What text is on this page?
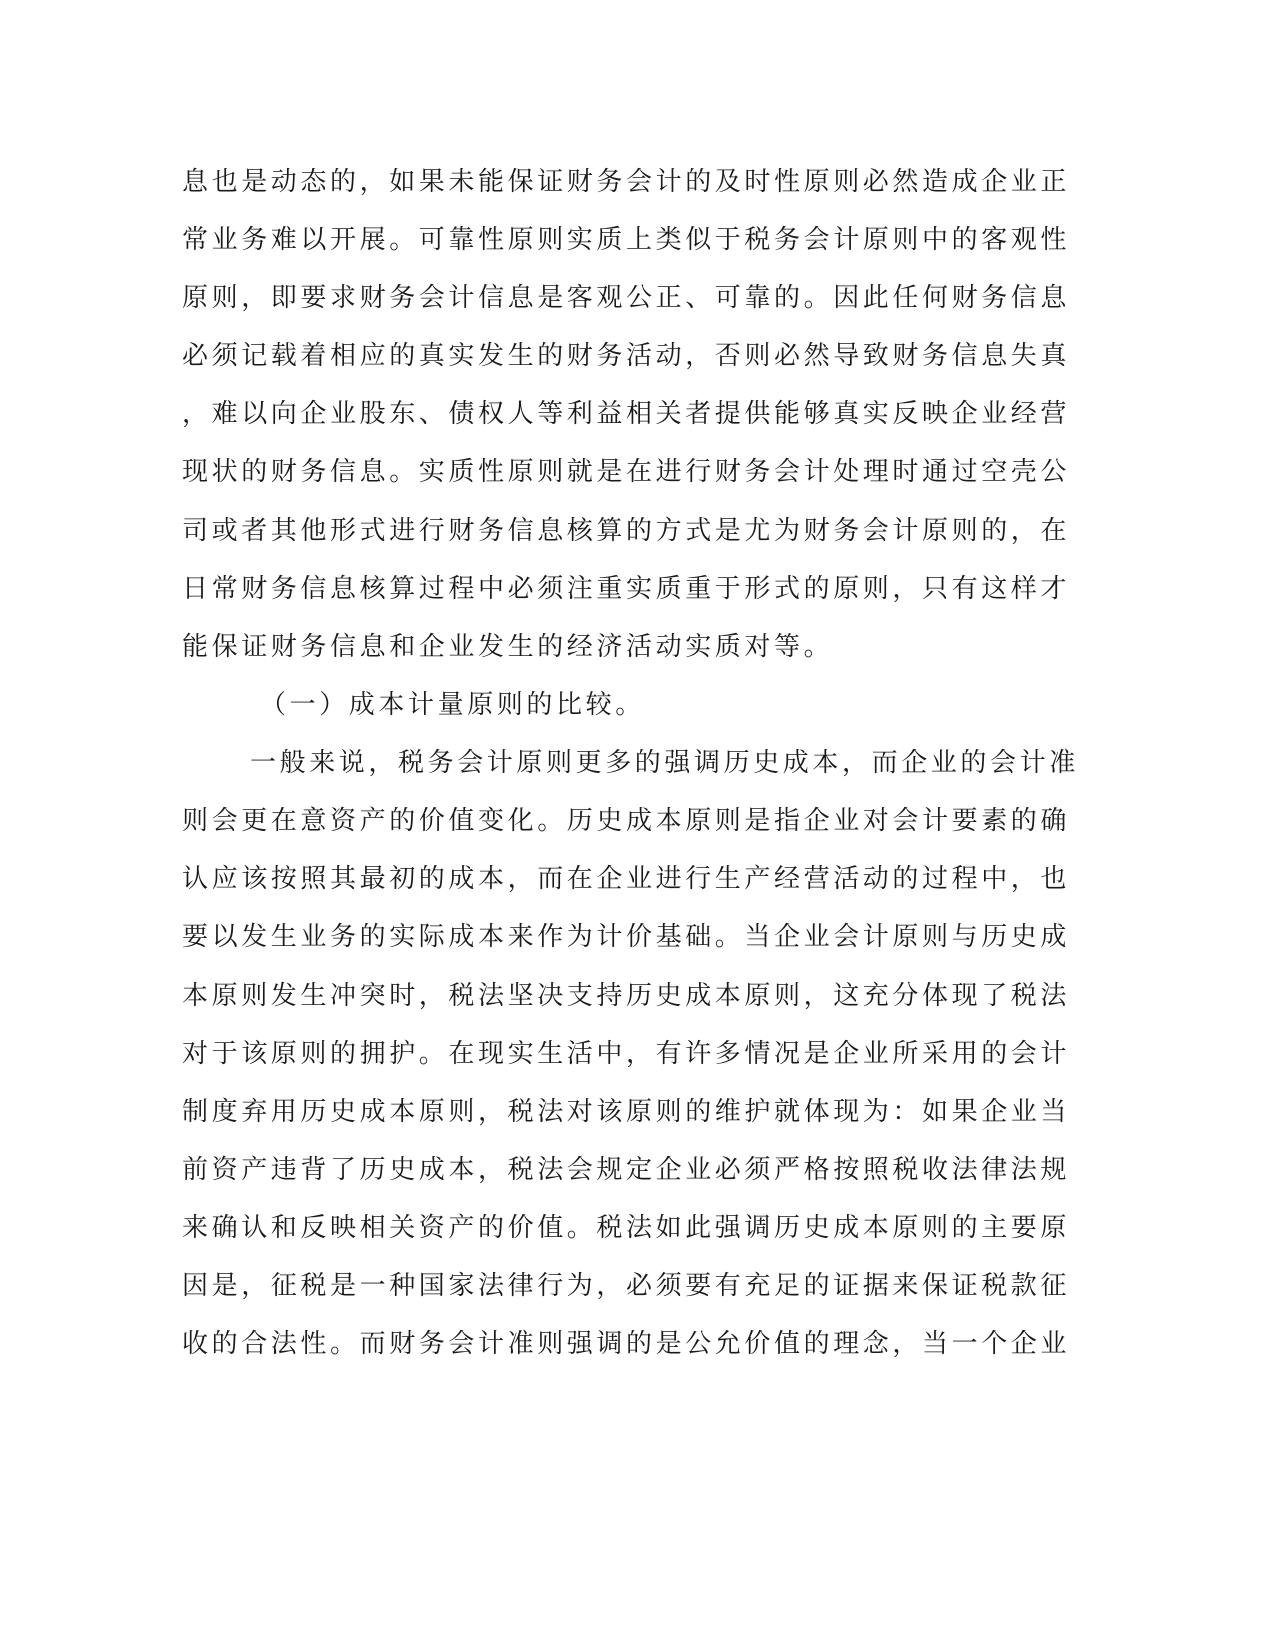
息也是动态的，如果未能保证财务会计的及时性原则必然造成企业正
常业务难以开展。可靠性原则实质上类似于税务会计原则中的客观性
原则，即要求财务会计信息是客观公正、可靠的。因此任何财务信息
必须记载着相应的真实发生的财务活动，否则必然导致财务信息失真
，难以向企业股东、债权人等利益相关者提供能够真实反映企业经营
现状的财务信息。实质性原则就是在进行财务会计处理时通过空壳公
司或者其他形式进行财务信息核算的方式是尤为财务会计原则的，在
日常财务信息核算过程中必须注重实质重于形式的原则，只有这样才
能保证财务信息和企业发生的经济活动实质对等。
（一）成本计量原则的比较。
一般来说，税务会计原则更多的强调历史成本，而企业的会计准
则会更在意资产的价值变化。历史成本原则是指企业对会计要素的确
认应该按照其最初的成本，而在企业进行生产经营活动的过程中，也
要以发生业务的实际成本来作为计价基础。当企业会计原则与历史成
本原则发生冲突时，税法坚决支持历史成本原则，这充分体现了税法
对于该原则的拥护。在现实生活中，有许多情况是企业所采用的会计
制度弃用历史成本原则，税法对该原则的维护就体现为：如果企业当
前资产违背了历史成本，税法会规定企业必须严格按照税收法律法规
来确认和反映相关资产的价值。税法如此强调历史成本原则的主要原
因是，征税是一种国家法律行为，必须要有充足的证据来保证税款征
收的合法性。而财务会计准则强调的是公允价值的理念，当一个企业
